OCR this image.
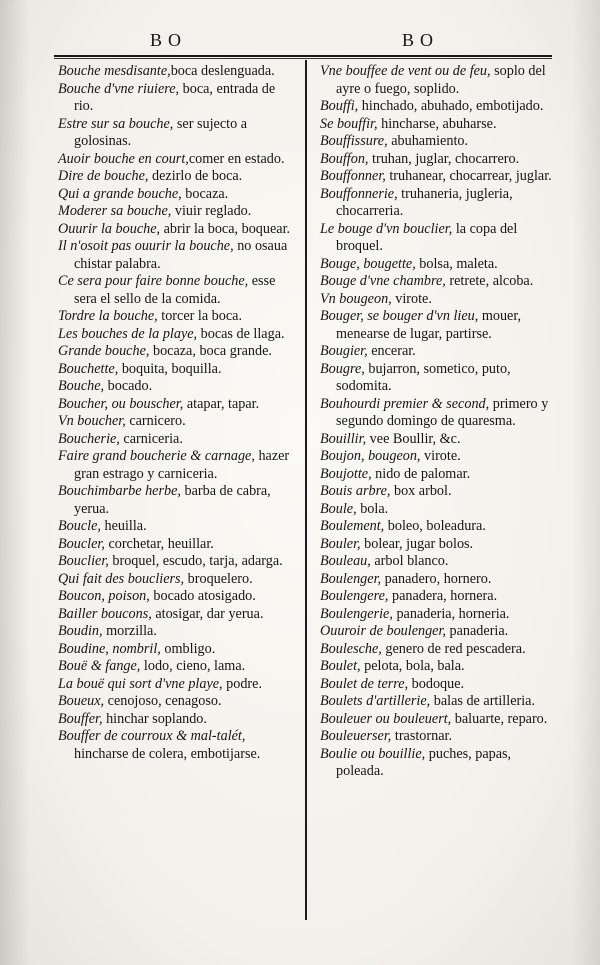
BO	BO
Bouche mesdisante,boca deslenguada.
Bouche d'vne riuiere, boca, entrada de rio.
Estre sur sa bouche, ser sujecto a golosinas.
Auoir bouche en court,comer en estado.
Dire de bouche, dezirlo de boca.
Qui a grande bouche, bocaza.
Moderer sa bouche, viuir reglado.
Ouurir la bouche, abrir la boca, boquear.
Il n'osoit pas ouurir la bouche, no osaua chistar palabra.
Ce sera pour faire bonne bouche, esse sera el sello de la comida.
Tordre la bouche, torcer la boca.
Les bouches de la playe, bocas de llaga.
Grande bouche, bocaza, boca grande.
Bouchette, boquita, boquilla.
Bouche, bocado.
Boucher, ou bouscher, atapar, tapar.
Vn boucher, carnicero.
Boucherie, carniceria.
Faire grand boucherie & carnage, hazer gran estrago y carniceria.
Bouchimbarbe herbe, barba de cabra, yerua.
Boucle, heuilla.
Boucler, corchetar, heuillar.
Bouclier, broquel, escudo, tarja, adarga.
Qui fait des boucliers, broquelero.
Boucon, poison, bocado atosigado.
Bailler boucons, atosigar, dar yerua.
Boudin, morzilla.
Boudine, nombril, ombligo.
Bouë & fange, lodo, cieno, lama.
La bouë qui sort d'vne playe, podre.
Boueux, cenojoso, cenagoso.
Bouffer, hinchar soplando.
Bouffer de courroux & mal-talét, hincharse de colera, embotijarse.
Vne bouffee de vent ou de feu, soplo del ayre o fuego, soplido.
Bouffi, hinchado, abuhado, embotijado.
Se bouffir, hincharse, abuharse.
Bouffissure, abuhamiento.
Bouffon, truhan, juglar, chocarrero.
Bouffonner, truhanear, chocarrear, juglar.
Bouffonnerie, truhaneria, jugleria, chocarreria.
Le bouge d'vn bouclier, la copa del broquel.
Bouge, bougette, bolsa, maleta.
Bouge d'vne chambre, retrete, alcoba.
Vn bougeon, virote.
Bouger, se bouger d'vn lieu, mouer, menearse de lugar, partirse.
Bougier, encerar.
Bougre, bujarron, sometico, puto, sodomita.
Bouhourdi premier & second, primero y segundo domingo de quaresma.
Bouillir, vee Boullir, &c.
Boujon, bougeon, virote.
Boujotte, nido de palomar.
Bouis arbre, box arbol.
Boule, bola.
Boulement, boleo, boleadura.
Bouler, bolear, jugar bolos.
Bouleau, arbol blanco.
Boulenger, panadero, hornero.
Boulengere, panadera, hornera.
Boulengerie, panaderia, horneria.
Ouuroir de boulenger, panaderia.
Boulesche, genero de red pescadera.
Boulet, pelota, bola, bala.
Boulet de terre, bodoque.
Boulets d'artillerie, balas de artilleria.
Bouleuer ou bouleuert, baluarte, reparo.
Bouleuerser, trastornar.
Boulie ou bouillie, puches, papas, poleada.
